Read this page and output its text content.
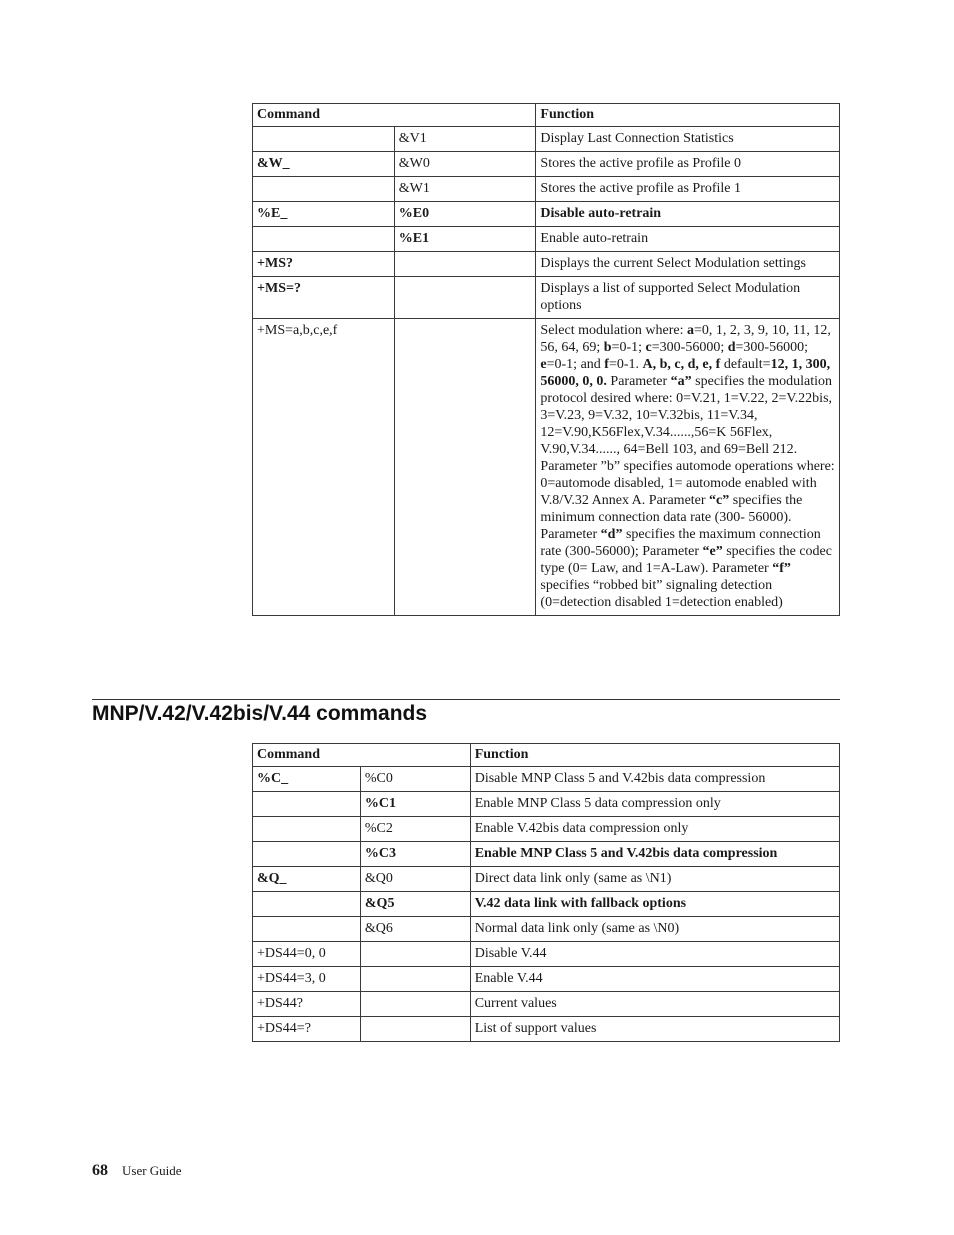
Command		Function
	&V1	Display Last Connection Statistics
&W_	&W0	Stores the active profile as Profile 0
	&W1	Stores the active profile as Profile 1
%E_	%E0	Disable auto-retrain
	%E1	Enable auto-retrain
+MS?		Displays the current Select Modulation settings
+MS=?		Displays a list of supported Select Modulation options
+MS=a,b,c,e,f		Select modulation where: a=0, 1, 2, 3, 9, 10, 11, 12, 56, 64, 69; b=0-1; c=300-56000; d=300-56000; e=0-1; and f=0-1. A, b, c, d, e, f default=12, 1, 300, 56000, 0, 0. Parameter “a” specifies the modulation protocol desired where: 0=V.21, 1=V.22, 2=V.22bis, 3=V.23, 9=V.32, 10=V.32bis, 11=V.34, 12=V.90,K56Flex,V.34......,56=K 56Flex, V.90,V.34......, 64=Bell 103, and 69=Bell 212. Parameter ”b” specifies automode operations where: 0=automode disabled, 1= automode enabled with V.8/V.32 Annex A. Parameter “c” specifies the minimum connection data rate (300- 56000). Parameter “d” specifies the maximum connection rate (300-56000); Parameter “e” specifies the codec type (0= Law, and 1=A-Law). Parameter “f” specifies “robbed bit” signaling detection (0=detection disabled 1=detection enabled)
MNP/V.42/V.42bis/V.44 commands
Command		Function
%C_	%C0	Disable MNP Class 5 and V.42bis data compression
	%C1	Enable MNP Class 5 data compression only
	%C2	Enable V.42bis data compression only
	%C3	Enable MNP Class 5 and V.42bis data compression
&Q_	&Q0	Direct data link only (same as \N1)
	&Q5	V.42 data link with fallback options
	&Q6	Normal data link only (same as \N0)
+DS44=0, 0		Disable V.44
+DS44=3, 0		Enable V.44
+DS44?		Current values
+DS44=?		List of support values
68 User Guide
